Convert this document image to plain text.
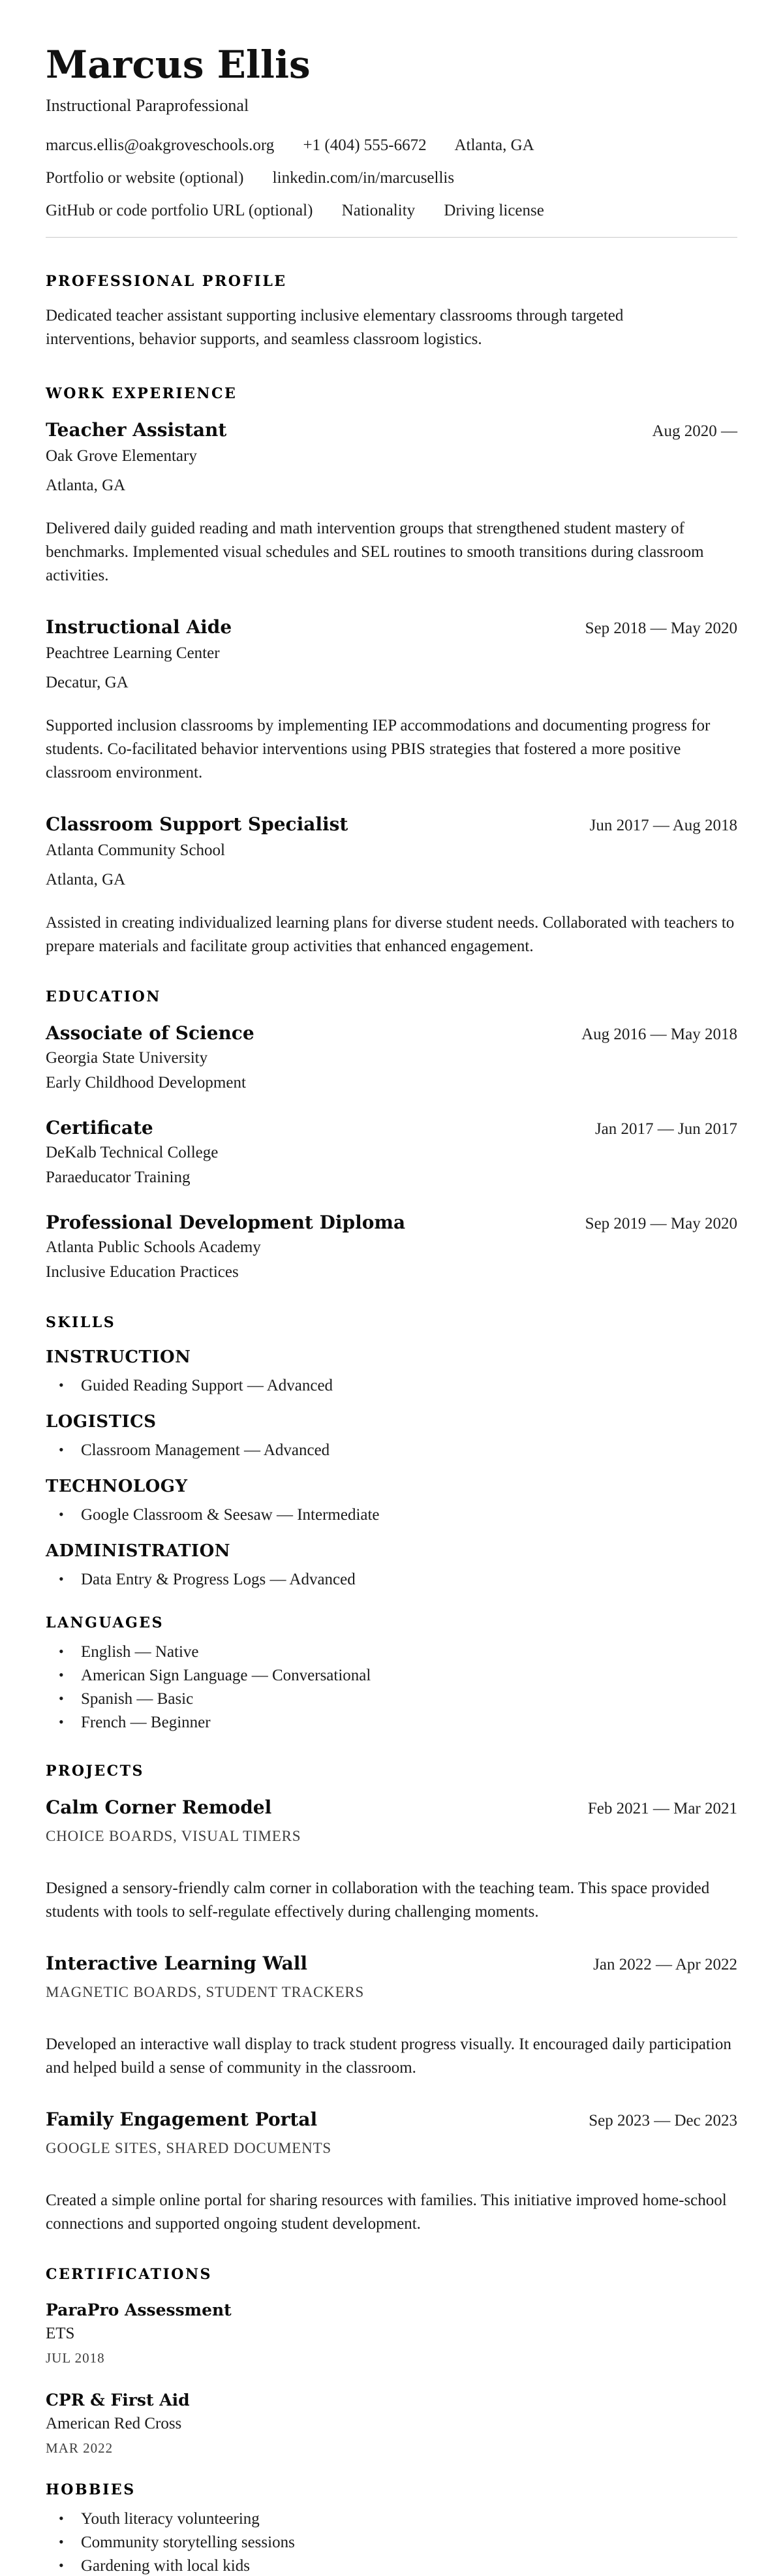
Marcus Ellis
Instructional Paraprofessional
marcus.ellis@oakgroveschools.org +1 (404) 555-6672 Atlanta, GA
Portfolio or website (optional) linkedin.com/in/marcusellis
GitHub or code portfolio URL (optional) Nationality Driving license
PROFESSIONAL PROFILE

Dedicated teacher assistant supporting inclusive elementary classrooms through targeted interventions, behavior supports, and seamless classroom logistics.

WORK EXPERIENCE
Teacher Assistant	Aug 2020 —
Oak Grove Elementary
Atlanta, GA

Delivered daily guided reading and math intervention groups that strengthened student mastery of benchmarks. Implemented visual schedules and SEL routines to smooth transitions during classroom activities.

Instructional Aide	Sep 2018 — May 2020
Peachtree Learning Center
Decatur, GA

Supported inclusion classrooms by implementing IEP accommodations and documenting progress for students. Co-facilitated behavior interventions using PBIS strategies that fostered a more positive classroom environment.

Classroom Support Specialist	Jun 2017 — Aug 2018
Atlanta Community School
Atlanta, GA

Assisted in creating individualized learning plans for diverse student needs. Collaborated with teachers to prepare materials and facilitate group activities that enhanced engagement.

EDUCATION
Associate of Science	Aug 2016 — May 2018
Georgia State University
Early Childhood Development
Certificate	Jan 2017 — Jun 2017
DeKalb Technical College
Paraeducator Training
Professional Development Diploma	Sep 2019 — May 2020
Atlanta Public Schools Academy
Inclusive Education Practices
SKILLS
INSTRUCTION
• Guided Reading Support — Advanced
LOGISTICS
• Classroom Management — Advanced
TECHNOLOGY
• Google Classroom & Seesaw — Intermediate
ADMINISTRATION
• Data Entry & Progress Logs — Advanced
LANGUAGES
• English — Native
• American Sign Language — Conversational
• Spanish — Basic
• French — Beginner
PROJECTS
Calm Corner Remodel	Feb 2021 — Mar 2021
CHOICE BOARDS, VISUAL TIMERS

Designed a sensory-friendly calm corner in collaboration with the teaching team. This space provided students with tools to self-regulate effectively during challenging moments.

Interactive Learning Wall	Jan 2022 — Apr 2022
MAGNETIC BOARDS, STUDENT TRACKERS

Developed an interactive wall display to track student progress visually. It encouraged daily participation and helped build a sense of community in the classroom.

Family Engagement Portal	Sep 2023 — Dec 2023
GOOGLE SITES, SHARED DOCUMENTS

Created a simple online portal for sharing resources with families. This initiative improved home-school connections and supported ongoing student development.

CERTIFICATIONS
ParaPro Assessment
ETS
JUL 2018
CPR & First Aid
American Red Cross
MAR 2022
HOBBIES
• Youth literacy volunteering
• Community storytelling sessions
• Gardening with local kids
